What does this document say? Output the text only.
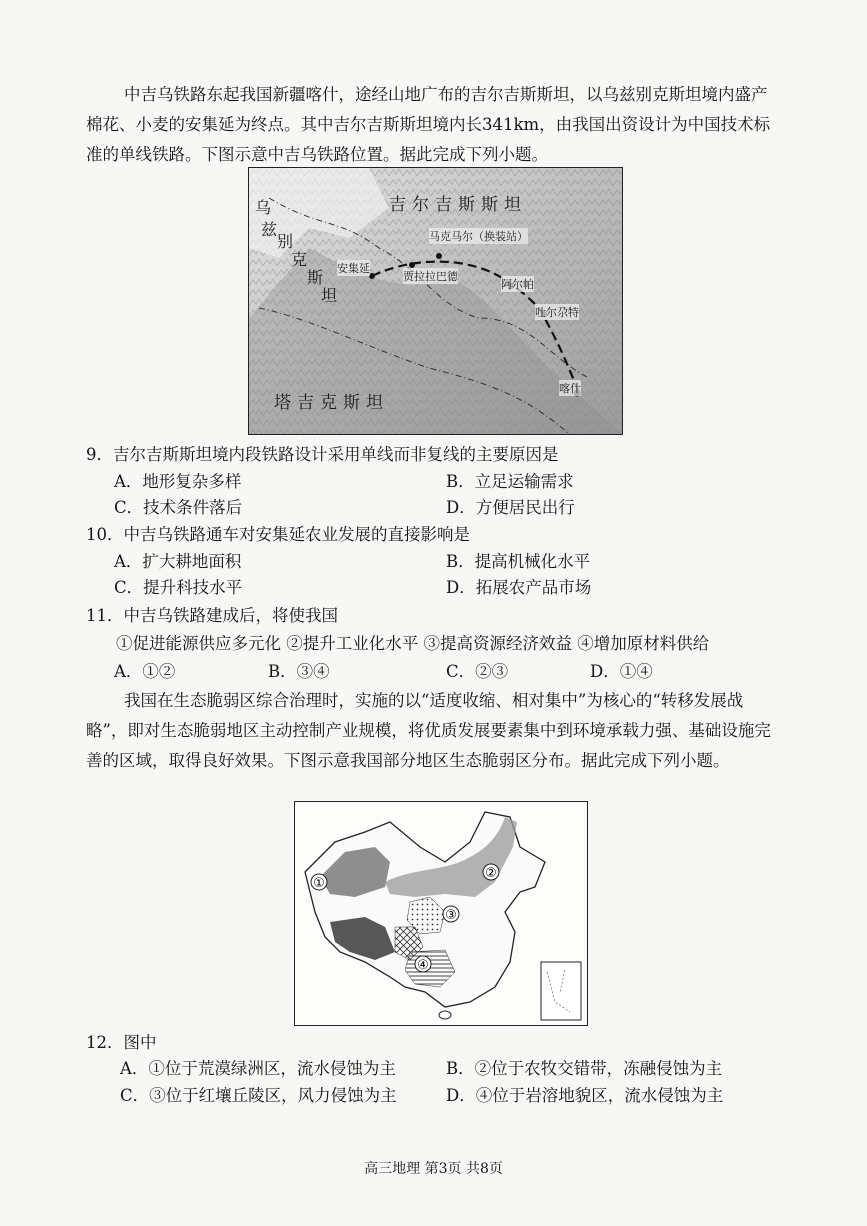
中吉乌铁路东起我国新疆喀什，途经山地广布的吉尔吉斯斯坦，以乌兹别克斯坦境内盛产棉花、小麦的安集延为终点。其中吉尔吉斯斯坦境内长341km，由我国出资设计为中国技术标准的单线铁路。下图示意中吉乌铁路位置。据此完成下列小题。
吉尔吉斯斯坦
塔吉克斯坦
乌
兹
别
克
斯
坦
安集延
贾拉拉巴德
马克马尔（换装站）
阿尔帕
吐尔尕特
喀什
9．吉尔吉斯斯坦境内段铁路设计采用单线而非复线的主要原因是
A．地形复杂多样	B．立足运输需求
C．技术条件落后	D．方便居民出行
10．中吉乌铁路通车对安集延农业发展的直接影响是
A．扩大耕地面积	B．提高机械化水平
C．提升科技水平	D．拓展农产品市场
11．中吉乌铁路建成后，将使我国
①促进能源供应多元化 ②提升工业化水平 ③提高资源经济效益 ④增加原材料供给
A．①②	B．③④	C．②③	D．①④
我国在生态脆弱区综合治理时，实施的以“适度收缩、相对集中”为核心的“转移发展战略”，即对生态脆弱地区主动控制产业规模，将优质发展要素集中到环境承载力强、基础设施完善的区域，取得良好效果。下图示意我国部分地区生态脆弱区分布。据此完成下列小题。
①
②
③
④
12．图中
A．①位于荒漠绿洲区，流水侵蚀为主	B．②位于农牧交错带，冻融侵蚀为主
C．③位于红壤丘陵区，风力侵蚀为主	D．④位于岩溶地貌区，流水侵蚀为主
高三地理 第3页 共8页
